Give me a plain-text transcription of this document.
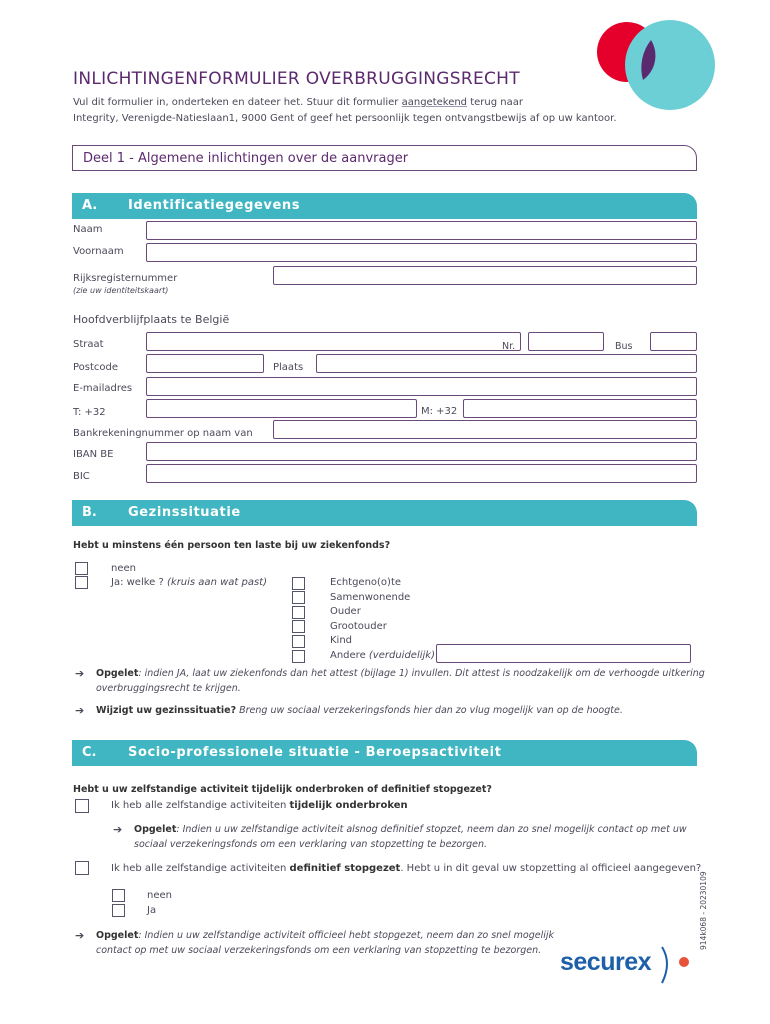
INLICHTINGENFORMULIER OVERBRUGGINGSRECHT
Vul dit formulier in, onderteken en dateer het. Stuur dit formulier aangetekend terug naar
Integrity, Verenigde-Natieslaan1, 9000 Gent of geef het persoonlijk tegen ontvangstbewijs af op uw kantoor.
Deel 1 - Algemene inlichtingen over de aanvrager
A. Identificatiegegevens
Naam
Voornaam
Rijksregisternummer
(zie uw identiteitskaart)
Hoofdverblijfplaats te België
Straat	Nr.	Bus
Postcode	Plaats
E-mailadres
T: +32	M: +32
Bankrekeningnummer op naam van
IBAN BE
BIC
B. Gezinssituatie
Hebt u minstens één persoon ten laste bij uw ziekenfonds?
neen
Ja: welke ? (kruis aan wat past)	Echtgeno(o)te
Samenwonende
Ouder
Grootouder
Kind
Andere (verduidelijk)
➔ Opgelet: indien JA, laat uw ziekenfonds dan het attest (bijlage 1) invullen. Dit attest is noodzakelijk om de verhoogde uitkering
overbruggingsrecht te krijgen.
➔ Wijzigt uw gezinssituatie? Breng uw sociaal verzekeringsfonds hier dan zo vlug mogelijk van op de hoogte.
C. Socio-professionele situatie - Beroepsactiviteit
Hebt u uw zelfstandige activiteit tijdelijk onderbroken of definitief stopgezet?
Ik heb alle zelfstandige activiteiten tijdelijk onderbroken
➔ Opgelet: Indien u uw zelfstandige activiteit alsnog definitief stopzet, neem dan zo snel mogelijk contact op met uw
sociaal verzekeringsfonds om een verklaring van stopzetting te bezorgen.
Ik heb alle zelfstandige activiteiten definitief stopgezet. Hebt u in dit geval uw stopzetting al officieel aangegeven?
neen
Ja
➔ Opgelet: Indien u uw zelfstandige activiteit officieel hebt stopgezet, neem dan zo snel mogelijk
contact op met uw sociaal verzekeringsfonds om een verklaring van stopzetting te bezorgen. securex
914k068 - 20230109
